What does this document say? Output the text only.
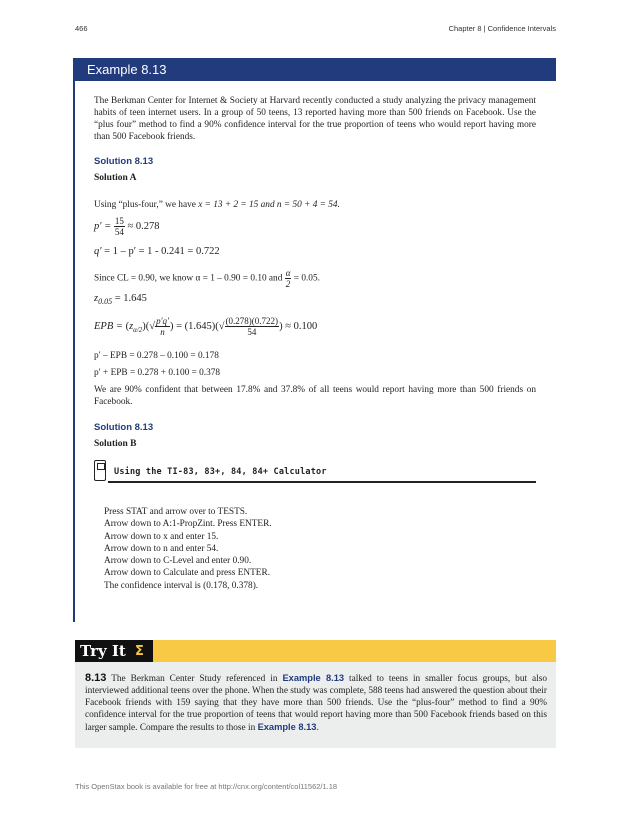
466	Chapter 8 | Confidence Intervals
Example 8.13

The Berkman Center for Internet & Society at Harvard recently conducted a study analyzing the privacy management habits of teen internet users. In a group of 50 teens, 13 reported having more than 500 friends on Facebook. Use the “plus four” method to find a 90% confidence interval for the true proportion of teens who would report having more than 500 Facebook friends.

Solution 8.13
Solution A
Using “plus-four,” we have x = 13 + 2 = 15 and n = 50 + 4 = 54.
$p' = \frac{15}{54} \approx 0.278$
q′ = 1 – p′ = 1 - 0.241 = 0.722
Since CL = 0.90, we know α = 1 – 0.90 = 0.10 and $\frac{\alpha}{2} = 0.05$.
$z_{0.05} = 1.645$
EPB = $(z_{\alpha/2})(√ \frac{p'q'}{n}$ ) = $(1.645)(√ \frac{(0.278)(0.722)}{54}$ ) ≈ 0.100
p′ – EPB = 0.278 – 0.100 = 0.178
p′ + EPB = 0.278 + 0.100 = 0.378

We are 90% confident that between 17.8% and 37.8% of all teens would report having more than 500 friends on Facebook.

Solution 8.13
Solution B
Using the TI-83, 83+, 84, 84+ Calculator
Press STAT and arrow over to TESTS.
Arrow down to A:1-PropZint. Press ENTER.
Arrow down to x and enter 15.
Arrow down to n and enter 54.
Arrow down to C-Level and enter 0.90.
Arrow down to Calculate and press ENTER.
The confidence interval is (0.178, 0.378).
Try It Σ

8.13 The Berkman Center Study referenced in Example 8.13 talked to teens in smaller focus groups, but also interviewed additional teens over the phone. When the study was complete, 588 teens had answered the question about their Facebook friends with 159 saying that they have more than 500 friends. Use the “plus-four” method to find a 90% confidence interval for the true proportion of teens that would report having more than 500 Facebook friends based on this larger sample. Compare the results to those in Example 8.13.

This OpenStax book is available for free at http://cnx.org/content/col11562/1.18
